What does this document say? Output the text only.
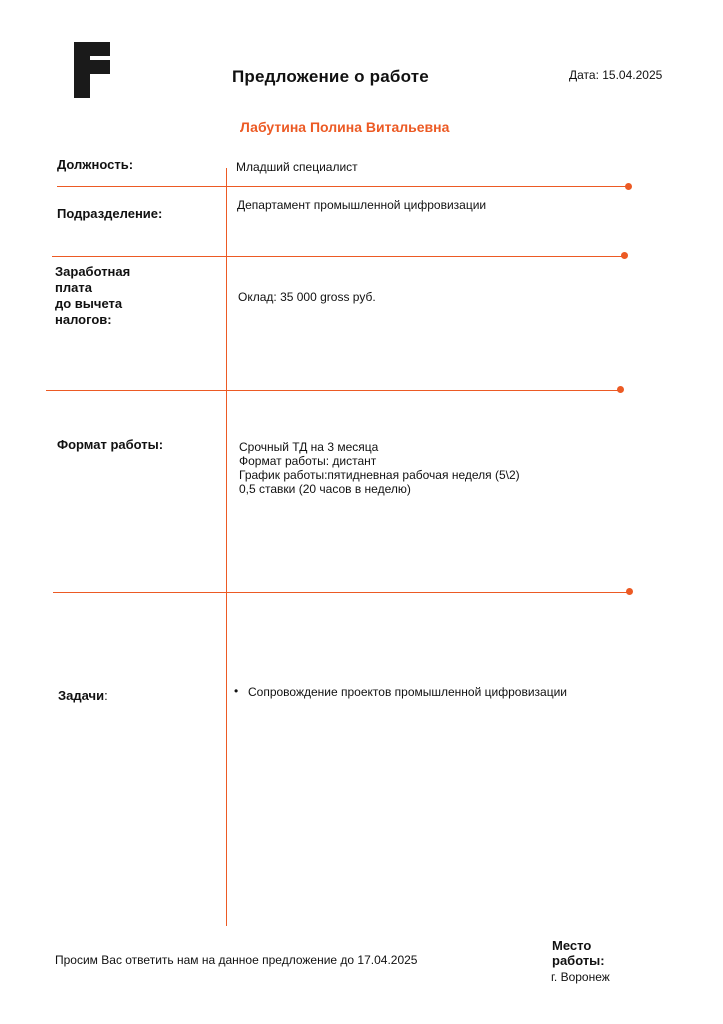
Предложение о работе	Дата: 15.04.2025
Лабутина Полина Витальевна
Должность:	Младший специалист
Подразделение:
Департамент промышленной цифровизации
Заработная
плата
до вычета
налогов:
Оклад: 35 000 gross руб.
Формат работы:	Срочный ТД на 3 месяца
Формат работы: дистант
График работы:пятидневная рабочая неделя (5\2)
0,5 ставки (20 часов в неделю)
Задачи:
•	Сопровождение проектов промышленной цифровизации
Просим Вас ответить нам на данное предложение до 17.04.2025
Место
работы:
г. Воронеж
